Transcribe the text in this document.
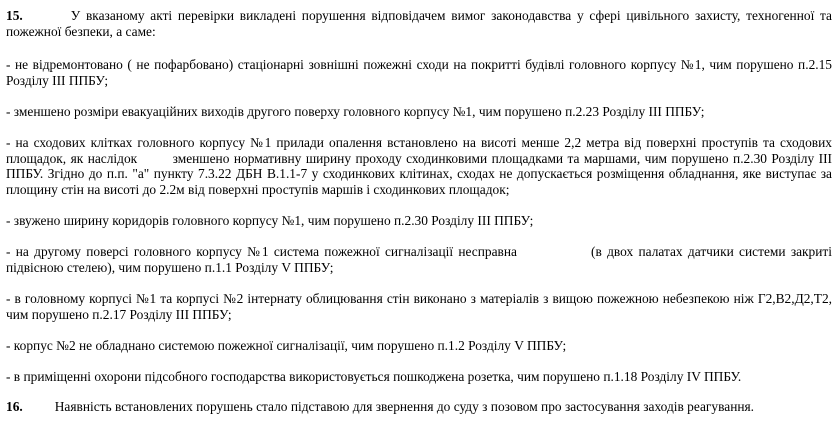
15.	У вказаному акті перевірки викладені порушення відповідачем вимог законодавства у сфері цивільного захисту, техногенної та пожежної безпеки, а саме:

- не відремонтовано ( не пофарбовано) стаціонарні зовнішні пожежні сходи на покритті будівлі головного корпусу №1, чим порушено п.2.15 Розділу ІІІ ППБУ;

- зменшено розміри евакуаційних виходів другого поверху головного корпусу №1, чим порушено п.2.23 Розділу ІІІ ППБУ;

- на сходових клітках головного корпусу №1 прилади опалення встановлено на висоті менше 2,2 метра від поверхні проступів та сходових площадок, як наслідок        зменшено нормативну ширину проходу сходинковими площадками та маршами, чим порушено п.2.30 Розділу ІІІ ППБУ. Згідно до п.п. "а" пункту 7.3.22 ДБН В.1.1-7 у сходинкових клітинах, сходах не допускається розміщення обладнання, яке виступає за площину стін на висоті до 2.2м від поверхні проступів маршів і сходинкових площадок;

- звужено ширину коридорів головного корпусу №1, чим порушено п.2.30 Розділу ІІІ ППБУ;

- на другому поверсі головного корпусу №1 система пожежної сигналізації несправна              (в двох палатах датчики системи закриті підвісною стелею), чим порушено п.1.1 Розділу V ППБУ;

- в головному корпусі №1 та корпусі №2 інтернату облицювання стін виконано з матеріалів з вищою пожежною небезпекою ніж Г2,В2,Д2,Т2, чим порушено п.2.17 Розділу ІІІ ППБУ;

- корпус №2 не обладнано системою пожежної сигналізації, чим порушено п.1.2 Розділу V ППБУ;

- в приміщенні охорони підсобного господарства використовується пошкоджена розетка, чим порушено п.1.18 Розділу IV ППБУ.

16. Наявність встановлених порушень стало підставою для звернення до суду з позовом про застосування заходів реагування.
